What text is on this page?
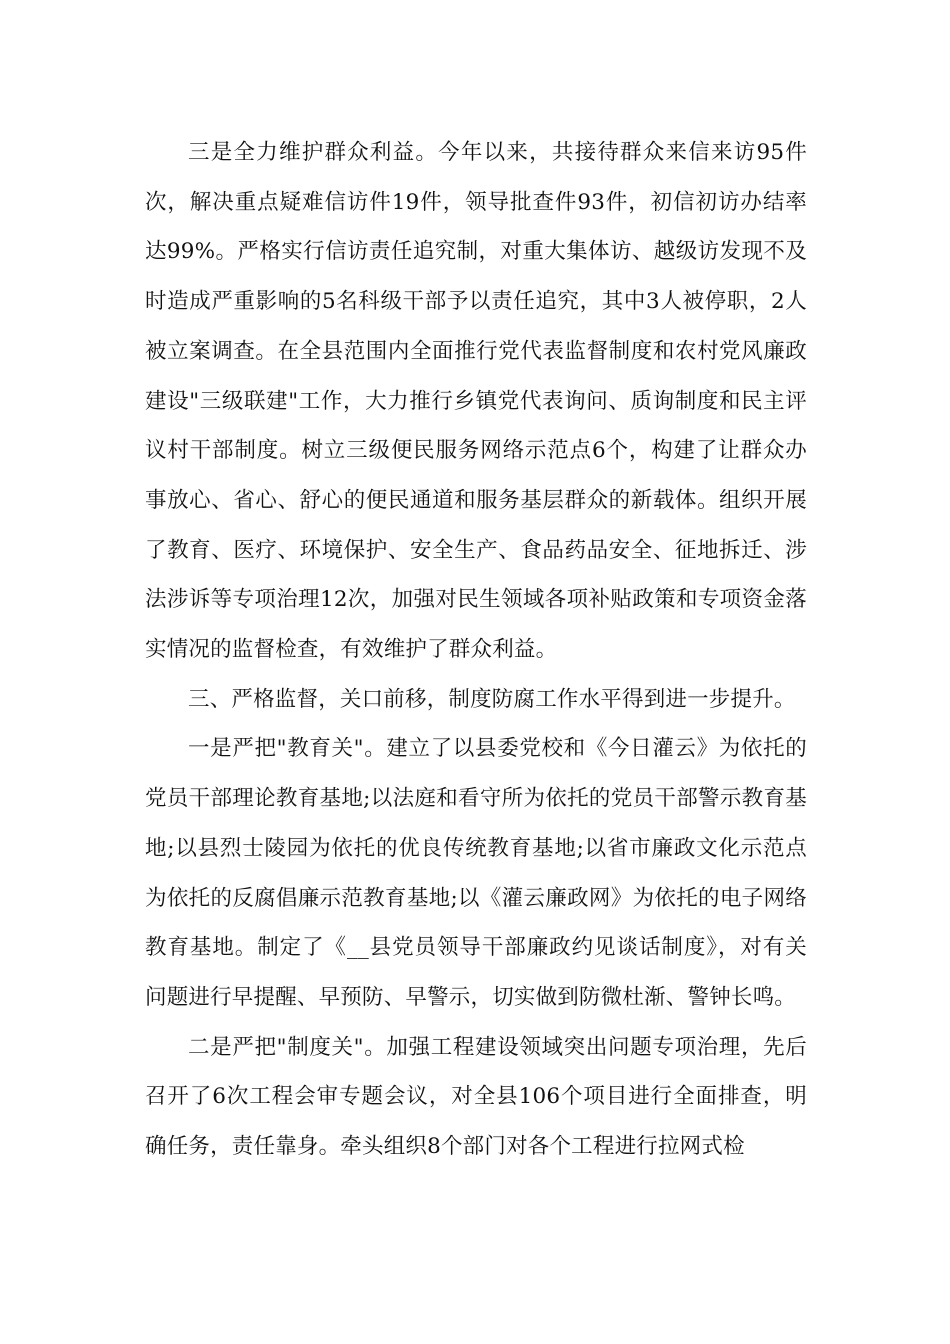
三是全力维护群众利益。今年以来，共接待群众来信来访95件次，解决重点疑难信访件19件，领导批查件93件，初信初访办结率达99%。严格实行信访责任追究制，对重大集体访、越级访发现不及时造成严重影响的5名科级干部予以责任追究，其中3人被停职，2人被立案调查。在全县范围内全面推行党代表监督制度和农村党风廉政建设"三级联建"工作，大力推行乡镇党代表询问、质询制度和民主评议村干部制度。树立三级便民服务网络示范点6个，构建了让群众办事放心、省心、舒心的便民通道和服务基层群众的新载体。组织开展了教育、医疗、环境保护、安全生产、食品药品安全、征地拆迁、涉法涉诉等专项治理12次，加强对民生领域各项补贴政策和专项资金落实情况的监督检查，有效维护了群众利益。

三、严格监督，关口前移，制度防腐工作水平得到进一步提升。

一是严把"教育关"。建立了以县委党校和《今日灌云》为依托的党员干部理论教育基地;以法庭和看守所为依托的党员干部警示教育基地;以县烈士陵园为依托的优良传统教育基地;以省市廉政文化示范点为依托的反腐倡廉示范教育基地;以《灌云廉政网》为依托的电子网络教育基地。制定了《__县党员领导干部廉政约见谈话制度》，对有关问题进行早提醒、早预防、早警示，切实做到防微杜渐、警钟长鸣。

二是严把"制度关"。加强工程建设领域突出问题专项治理，先后召开了6次工程会审专题会议，对全县106个项目进行全面排查，明确任务，责任靠身。牵头组织8个部门对各个工程进行拉网式检
